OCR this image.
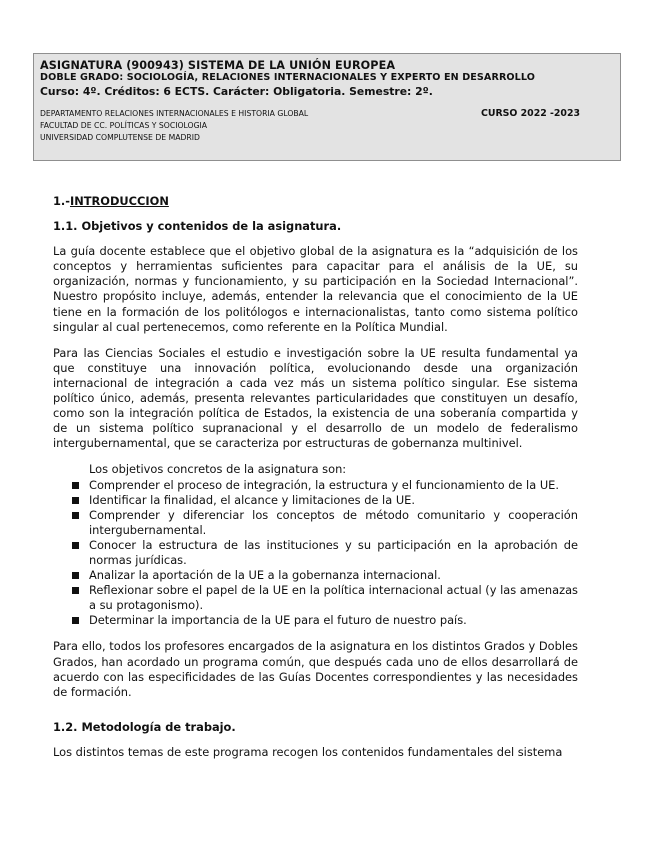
ASIGNATURA (900943) SISTEMA DE LA UNIÓN EUROPEA
DOBLE GRADO: SOCIOLOGÍA, RELACIONES INTERNACIONALES Y EXPERTO EN DESARROLLO
Curso: 4º. Créditos: 6 ECTS. Carácter: Obligatoria. Semestre: 2º.
DEPARTAMENTO RELACIONES INTERNACIONALES E HISTORIA GLOBAL	CURSO 2022 -2023
FACULTAD DE CC. POLÍTICAS Y SOCIOLOGIA
UNIVERSIDAD COMPLUTENSE DE MADRID
1.-INTRODUCCION
1.1. Objetivos y contenidos de la asignatura.

La guía docente establece que el objetivo global de la asignatura es la “adquisición de los conceptos y herramientas suficientes para capacitar para el análisis de la UE, su organización, normas y funcionamiento, y su participación en la Sociedad Internacional”. Nuestro propósito incluye, además, entender la relevancia que el conocimiento de la UE tiene en la formación de los politólogos e internacionalistas, tanto como sistema político singular al cual pertenecemos, como referente en la Política Mundial.

Para las Ciencias Sociales el estudio e investigación sobre la UE resulta fundamental ya que constituye una innovación política, evolucionando desde una organización internacional de integración a cada vez más un sistema político singular. Ese sistema político único, además, presenta relevantes particularidades que constituyen un desafío, como son la integración política de Estados, la existencia de una soberanía compartida y de un sistema político supranacional y el desarrollo de un modelo de federalismo intergubernamental, que se caracteriza por estructuras de gobernanza multinivel.

Los objetivos concretos de la asignatura son:
Comprender el proceso de integración, la estructura y el funcionamiento de la UE.
Identificar la finalidad, el alcance y limitaciones de la UE.
Comprender y diferenciar los conceptos de método comunitario y cooperación intergubernamental.
Conocer la estructura de las instituciones y su participación en la aprobación de normas jurídicas.
Analizar la aportación de la UE a la gobernanza internacional.
Reflexionar sobre el papel de la UE en la política internacional actual (y las amenazas a su protagonismo).
Determinar la importancia de la UE para el futuro de nuestro país.

Para ello, todos los profesores encargados de la asignatura en los distintos Grados y Dobles Grados, han acordado un programa común, que después cada uno de ellos desarrollará de acuerdo con las especificidades de las Guías Docentes correspondientes y las necesidades de formación.

1.2. Metodología de trabajo.

Los distintos temas de este programa recogen los contenidos fundamentales del sistema
